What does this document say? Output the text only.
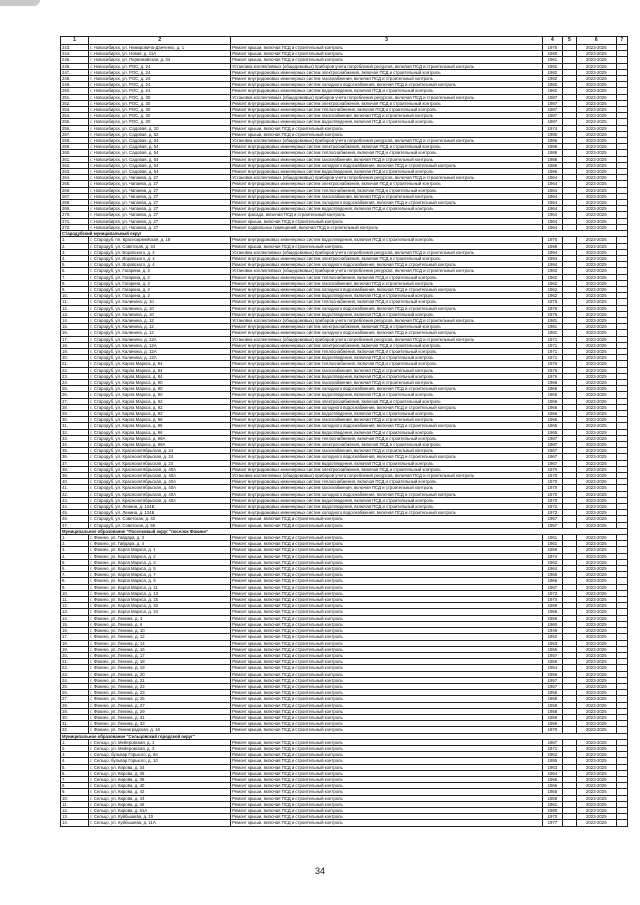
1	2	3	4	5	6	7
243.	г. Новосибирск, ул. Немировича-Данченко, д. 1	Ремонт крыши, включая ПСД и строительный контроль	1976		2023-2025	
244.	г. Новосибирск, ул. Новая, д. 11А	Ремонт крыши, включая ПСД и строительный контроль	1980		2023-2025	
245.	г. Новосибирск, ул. Первомайская, д. 34	Ремонт крыши, включая ПСД и строительный контроль	1961		2023-2025	
246.	г. Новосибирск, ул. РОС, д. 24	Установка коллективных (общедомовых) приборов учета потребления ресурсов, включая ПСД и строительный контроль	1982		2023-2025	
247.	г. Новосибирск, ул. РОС, д. 24	Ремонт внутридомовых инженерных систем электроснабжения, включая ПСД и строительный контроль	1982		2023-2025	
248.	г. Новосибирск, ул. РОС, д. 24	Ремонт внутридомовых инженерных систем газоснабжения, включая ПСД и строительный контроль	1982		2023-2025	
249.	г. Новосибирск, ул. РОС, д. 24	Ремонт внутридомовых инженерных систем холодного водоснабжения, включая ПСД и строительный контроль	1982		2023-2025	
250.	г. Новосибирск, ул. РОС, д. 24	Ремонт внутридомовых инженерных систем водоотведения, включая ПСД и строительный контроль	1982		2023-2025	
251.	г. Новосибирск, ул. РОС, д. 30	Установка коллективных (общедомовых) приборов учета потребления ресурсов, включая ПСД и строительный контроль	1987		2023-2025	
252.	г. Новосибирск, ул. РОС, д. 30	Ремонт внутридомовых инженерных систем электроснабжения, включая ПСД и строительный контроль	1987		2023-2025	
253.	г. Новосибирск, ул. РОС, д. 30	Ремонт внутридомовых инженерных систем теплоснабжения, включая ПСД и строительный контроль	1987		2023-2025	
254.	г. Новосибирск, ул. РОС, д. 30	Ремонт внутридомовых инженерных систем газоснабжения, включая ПСД и строительный контроль	1987		2023-2025	
255.	г. Новосибирск, ул. РОС, д. 30	Ремонт внутридомовых инженерных систем водоотведения, включая ПСД и строительный контроль	1987		2023-2025	
256.	г. Новосибирск, ул. Садовая, д. 10	Ремонт крыши, включая ПСД и строительный контроль	1974		2023-2025	
257.	г. Новосибирск, ул. Садовая, д. 52	Ремонт крыши, включая ПСД и строительный контроль	1980		2023-2025	
258.	г. Новосибирск, ул. Садовая, д. 54	Установка коллективных (общедомовых) приборов учета потребления ресурсов, включая ПСД и строительный контроль	1986		2023-2025	
259.	г. Новосибирск, ул. Садовая, д. 54	Ремонт внутридомовых инженерных систем электроснабжения, включая ПСД и строительный контроль	1986		2023-2025	
260.	г. Новосибирск, ул. Садовая, д. 54	Ремонт внутридомовых инженерных систем теплоснабжения, включая ПСД и строительный контроль	1986		2023-2025	
261.	г. Новосибирск, ул. Садовая, д. 54	Ремонт внутридомовых инженерных систем газоснабжения, включая ПСД и строительный контроль	1986		2023-2025	
262.	г. Новосибирск, ул. Садовая, д. 54	Ремонт внутридомовых инженерных систем холодного водоснабжения, включая ПСД и строительный контроль	1986		2023-2025	
263.	г. Новосибирск, ул. Садовая, д. 54	Ремонт внутридомовых инженерных систем водоотведения, включая ПСД и строительный контроль	1986		2023-2025	
264.	г. Новосибирск, ул. Чапаева, д. 27	Установка коллективных (общедомовых) приборов учета потребления ресурсов, включая ПСД и строительный контроль	1964		2023-2025	
265.	г. Новосибирск, ул. Чапаева, д. 27	Ремонт внутридомовых инженерных систем электроснабжения, включая ПСД и строительный контроль	1964		2023-2025	
266.	г. Новосибирск, ул. Чапаева, д. 27	Ремонт внутридомовых инженерных систем теплоснабжения, включая ПСД и строительный контроль	1964		2023-2025	
267.	г. Новосибирск, ул. Чапаева, д. 27	Ремонт внутридомовых инженерных систем газоснабжения, включая ПСД и строительный контроль	1964		2023-2025	
268.	г. Новосибирск, ул. Чапаева, д. 27	Ремонт внутридомовых инженерных систем холодного водоснабжения, включая ПСД и строительный контроль	1964		2023-2025	
269.	г. Новосибирск, ул. Чапаева, д. 27	Ремонт внутридомовых инженерных систем водоотведения, включая ПСД и строительный контроль	1964		2023-2025	
270.	г. Новосибирск, ул. Чапаева, д. 27	Ремонт фасада, включая ПСД и строительный контроль	1964		2023-2025	
271.	г. Новосибирск, ул. Чапаева, д. 27	Ремонт крыши, включая ПСД и строительный контроль	1964		2023-2025	
272.	г. Новосибирск, ул. Чапаева, д. 27	Ремонт подвальных помещений, включая ПСД и строительный контроль	1964		2023-2025	
Стародубский муниципальный округ						
1.	г. Стародуб, пл. Красноармейская, д. 18	Ремонт внутридомовых инженерных систем водоотведения, включая ПСД и строительный контроль	1970		2023-2025	
2.	г. Стародуб, ул. Советская, д. 44	Ремонт крыши, включая ПСД и строительный контроль	1958		2023-2025	
3.	г. Стародуб, ул. Воровского, д. 4	Установка коллективных (общедомовых) приборов учета потребления ресурсов, включая ПСД и строительный контроль	1994		2023-2025	
4.	г. Стародуб, ул. Воровского, д. 4	Ремонт внутридомовых инженерных систем электроснабжения, включая ПСД и строительный контроль	1994		2023-2025	
5.	г. Стародуб, ул. Воровского, д. 4	Ремонт внутридомовых инженерных систем холодного водоснабжения, включая ПСД и строительный контроль	1994		2023-2025	
6.	г. Стародуб, ул. Гагарина, д. 2	Установка коллективных (общедомовых) приборов учета потребления ресурсов, включая ПСД и строительный контроль	1962		2023-2025	
7.	г. Стародуб, ул. Гагарина, д. 2	Ремонт внутридомовых инженерных систем теплоснабжения, включая ПСД и строительный контроль	1962		2023-2025	
8.	г. Стародуб, ул. Гагарина, д. 2	Ремонт внутридомовых инженерных систем газоснабжения, включая ПСД и строительный контроль	1962		2023-2025	
9.	г. Стародуб, ул. Гагарина, д. 2	Ремонт внутридомовых инженерных систем холодного водоснабжения, включая ПСД и строительный контроль	1962		2023-2025	
10.	г. Стародуб, ул. Гагарина, д. 2	Ремонт внутридомовых инженерных систем водоотведения, включая ПСД и строительный контроль	1962		2023-2025	
11.	г. Стародуб, ул. Калинина, д. 10	Ремонт внутридомовых инженерных систем теплоснабжения, включая ПСД и строительный контроль	1975		2023-2025	
12.	г. Стародуб, ул. Калинина, д. 10	Ремонт внутридомовых инженерных систем холодного водоснабжения, включая ПСД и строительный контроль	1975		2023-2025	
13.	г. Стародуб, ул. Калинина, д. 10	Ремонт внутридомовых инженерных систем водоотведения, включая ПСД и строительный контроль	1975		2023-2025	
14.	г. Стародуб, ул. Калинина, д. 12	Установка коллективных (общедомовых) приборов учета потребления ресурсов, включая ПСД и строительный контроль	1981		2023-2025	
15.	г. Стародуб, ул. Калинина, д. 12	Ремонт внутридомовых инженерных систем электроснабжения, включая ПСД и строительный контроль	1981		2023-2025	
16.	г. Стародуб, ул. Калинина, д. 12	Ремонт внутридомовых инженерных систем холодного водоснабжения, включая ПСД и строительный контроль	1981		2023-2025	
17.	г. Стародуб, ул. Калинина, д. 12А	Установка коллективных (общедомовых) приборов учета потребления ресурсов, включая ПСД и строительный контроль	1971		2023-2025	
18.	г. Стародуб, ул. Калинина, д. 12А	Ремонт внутридомовых инженерных систем электроснабжения, включая ПСД и строительный контроль	1971		2023-2025	
19.	г. Стародуб, ул. Калинина, д. 12А	Ремонт внутридомовых инженерных систем теплоснабжения, включая ПСД и строительный контроль	1971		2023-2025	
20.	г. Стародуб, ул. Калинина, д. 12А	Ремонт внутридомовых инженерных систем водоотведения, включая ПСД и строительный контроль	1971		2023-2025	
21.	г. Стародуб, ул. Карла Маркса, д. 84	Ремонт внутридомовых инженерных систем теплоснабжения, включая ПСД и строительный контроль	1976		2023-2025	
22.	г. Стародуб, ул. Карла Маркса, д. 84	Ремонт внутридомовых инженерных систем газоснабжения, включая ПСД и строительный контроль	1976		2023-2025	
23.	г. Стародуб, ул. Карла Маркса, д. 84	Ремонт внутридомовых инженерных систем водоотведения, включая ПСД и строительный контроль	1976		2023-2025	
24.	г. Стародуб, ул. Карла Маркса, д. 90	Ремонт внутридомовых инженерных систем газоснабжения, включая ПСД и строительный контроль	1968		2023-2025	
25.	г. Стародуб, ул. Карла Маркса, д. 90	Ремонт внутридомовых инженерных систем холодного водоснабжения, включая ПСД и строительный контроль	1968		2023-2025	
26.	г. Стародуб, ул. Карла Маркса, д. 90	Ремонт внутридомовых инженерных систем водоотведения, включая ПСД и строительный контроль	1968		2023-2025	
27.	г. Стародуб, ул. Карла Маркса, д. 92	Ремонт внутридомовых инженерных систем электроснабжения, включая ПСД и строительный контроль	1966		2023-2025	
28.	г. Стародуб, ул. Карла Маркса, д. 92	Ремонт внутридомовых инженерных систем холодного водоснабжения, включая ПСД и строительный контроль	1966		2023-2025	
29.	г. Стародуб, ул. Карла Маркса, д. 92	Ремонт внутридомовых инженерных систем водоотведения, включая ПСД и строительный контроль	1966		2023-2025	
30.	г. Стародуб, ул. Карла Маркса, д. 96	Ремонт внутридомовых инженерных систем газоснабжения, включая ПСД и строительный контроль	1965		2023-2025	
31.	г. Стародуб, ул. Карла Маркса, д. 96	Ремонт внутридомовых инженерных систем холодного водоснабжения, включая ПСД и строительный контроль	1965		2023-2025	
32.	г. Стародуб, ул. Карла Маркса, д. 96	Ремонт внутридомовых инженерных систем водоотведения, включая ПСД и строительный контроль	1965		2023-2025	
33.	г. Стародуб, ул. Карла Маркса, д. 98А	Ремонт внутридомовых инженерных систем теплоснабжения, включая ПСД и строительный контроль	1987		2023-2025	
34.	г. Стародуб, ул. Карла Маркса, д. 98А	Ремонт внутридомовых инженерных систем электроснабжения, включая ПСД и строительный контроль	1987		2023-2025	
35.	г. Стародуб, ул. Краснооктябрьская, д. 24	Ремонт внутридомовых инженерных систем газоснабжения, включая ПСД и строительный контроль	1967		2023-2025	
36.	г. Стародуб, ул. Краснооктябрьская, д. 24	Ремонт внутридомовых инженерных систем холодного водоснабжения, включая ПСД и строительный контроль	1967		2023-2025	
37.	г. Стародуб, ул. Краснооктябрьская, д. 24	Ремонт внутридомовых инженерных систем водоотведения, включая ПСД и строительный контроль	1967		2023-2025	
38.	г. Стародуб, ул. Краснооктябрьская, д. 40А	Ремонт внутридомовых инженерных систем электроснабжения, включая ПСД и строительный контроль	1970		2023-2025	
39.	г. Стародуб, ул. Краснооктябрьская, д. 40А	Установка коллективных (общедомовых) приборов учета потребления ресурсов, включая ПСД и строительный контроль	1970		2023-2025	
40.	г. Стародуб, ул. Краснооктябрьская, д. 40А	Ремонт внутридомовых инженерных систем теплоснабжения, включая ПСД и строительный контроль	1970		2023-2025	
41.	г. Стародуб, ул. Краснооктябрьская, д. 40А	Ремонт внутридомовых инженерных систем газоснабжения, включая ПСД и строительный контроль	1970		2023-2025	
42.	г. Стародуб, ул. Краснооктябрьская, д. 40А	Ремонт внутридомовых инженерных систем холодного водоснабжения, включая ПСД и строительный контроль	1970		2023-2025	
43.	г. Стародуб, ул. Краснооктябрьская, д. 40А	Ремонт внутридомовых инженерных систем водоотведения, включая ПСД и строительный контроль	1970		2023-2025	
44.	г. Стародуб, ул. Ленина, д. 124Б	Ремонт внутридомовых инженерных систем водоотведения, включая ПСД и строительный контроль	1972		2023-2025	
45.	г. Стародуб, ул. Ленина, д. 124Б	Ремонт внутридомовых инженерных систем холодного водоснабжения, включая ПСД и строительный контроль	1972		2023-2025	
46.	г. Стародуб, ул. Советская, д. 42	Ремонт крыши, включая ПСД и строительный контроль	1957		2023-2025	
47.	г. Стародуб, ул. Советская, д. 56	Ремонт крыши, включая ПСД и строительный контроль	1957		2023-2025	
Муниципальное образование "Поселковый округ "поселок Фокино"						
1.	г. Фокино, ул. Гайдара, д. 3	Ремонт крыши, включая ПСД и строительный контроль	1961		2023-2025	
2.	г. Фокино, ул. Гайдара, д. 4	Ремонт крыши, включая ПСД и строительный контроль	1961		2023-2025	
3.	г. Фокино, ул. Карла Маркса, д. 1	Ремонт крыши, включая ПСД и строительный контроль	1959		2023-2025	
4.	г. Фокино, ул. Карла Маркса, д. 2	Ремонт крыши, включая ПСД и строительный контроль	1974		2023-2025	
5.	г. Фокино, ул. Карла Маркса, д. 3	Ремонт крыши, включая ПСД и строительный контроль	1962		2023-2025	
6.	г. Фокино, ул. Карла Маркса, д. 5	Ремонт крыши, включая ПСД и строительный контроль	1964		2023-2025	
7.	г. Фокино, ул. Карла Маркса, д. 7	Ремонт крыши, включая ПСД и строительный контроль	1965		2023-2025	
8.	г. Фокино, ул. Карла Маркса, д. 9	Ремонт крыши, включая ПСД и строительный контроль	1966		2023-2025	
9.	г. Фокино, ул. Карла Маркса, д. 11	Ремонт крыши, включая ПСД и строительный контроль	1967		2023-2025	
10.	г. Фокино, ул. Карла Маркса, д. 13	Ремонт крыши, включая ПСД и строительный контроль	1973		2023-2025	
11.	г. Фокино, ул. Карла Маркса, д. 15	Ремонт крыши, включая ПСД и строительный контроль	1974		2023-2025	
12.	г. Фокино, ул. Карла Маркса, д. 32	Ремонт крыши, включая ПСД и строительный контроль	1969		2023-2025	
13.	г. Фокино, ул. Карла Маркса, д. 34	Ремонт крыши, включая ПСД и строительный контроль	1969		2023-2025	
14.	г. Фокино, ул. Ленина, д. 4	Ремонт крыши, включая ПСД и строительный контроль	1959		2023-2025	
15.	г. Фокино, ул. Ленина, д. 6	Ремонт крыши, включая ПСД и строительный контроль	1960		2023-2025	
16.	г. Фокино, ул. Ленина, д. 10	Ремонт крыши, включая ПСД и строительный контроль	1949		2023-2025	
17.	г. Фокино, ул. Ленина, д. 12	Ремонт крыши, включая ПСД и строительный контроль	1952		2023-2025	
18.	г. Фокино, ул. Ленина, д. 14	Ремонт крыши, включая ПСД и строительный контроль	1953		2023-2025	
19.	г. Фокино, ул. Ленина, д. 16	Ремонт крыши, включая ПСД и строительный контроль	1955		2023-2025	
20.	г. Фокино, ул. Ленина, д. 17	Ремонт крыши, включая ПСД и строительный контроль	1957		2023-2025	
21.	г. Фокино, ул. Ленина, д. 18	Ремонт крыши, включая ПСД и строительный контроль	1955		2023-2025	
22.	г. Фокино, ул. Ленина, д. 19	Ремонт крыши, включая ПСД и строительный контроль	1954		2023-2025	
23.	г. Фокино, ул. Ленина, д. 20	Ремонт крыши, включая ПСД и строительный контроль	1956		2023-2025	
24.	г. Фокино, ул. Ленина, д. 21	Ремонт крыши, включая ПСД и строительный контроль	1957		2023-2025	
25.	г. Фокино, ул. Ленина, д. 22	Ремонт крыши, включая ПСД и строительный контроль	1957		2023-2025	
26.	г. Фокино, ул. Ленина, д. 23	Ремонт крыши, включая ПСД и строительный контроль	1958		2023-2025	
27.	г. Фокино, ул. Ленина, д. 25	Ремонт крыши, включая ПСД и строительный контроль	1958		2023-2025	
28.	г. Фокино, ул. Ленина, д. 27	Ремонт крыши, включая ПСД и строительный контроль	1958		2023-2025	
29.	г. Фокино, ул. Ленина, д. 29	Ремонт крыши, включая ПСД и строительный контроль	1958		2023-2025	
30.	г. Фокино, ул. Ленина, д. 31	Ремонт крыши, включая ПСД и строительный контроль	1959		2023-2025	
31.	г. Фокино, ул. Ленина, д. 33	Ремонт крыши, включая ПСД и строительный контроль	1959		2023-2025	
32.	г. Фокино, ул. Ленинградская, д. 18	Ремонт крыши, включая ПСД и строительный контроль	1970		2023-2025	
Муниципальное образование "Сельцовский городской округ"						
1.	г. Сельцо, ул. Мейеровская, д. 1	Ремонт крыши, включая ПСД и строительный контроль	1967		2023-2025	
2.	г. Сельцо, ул. Мейеровская, д. 3	Ремонт крыши, включая ПСД и строительный контроль	1971		2023-2025	
3.	г. Сельцо, бульвар Горького, д. 9А	Ремонт крыши, включая ПСД и строительный контроль	1962		2023-2025	
4.	г. Сельцо, бульвар Горького, д. 10	Ремонт крыши, включая ПСД и строительный контроль	1955		2023-2025	
5.	г. Сельцо, ул. Кирова, д. 34	Ремонт крыши, включая ПСД и строительный контроль	1963		2023-2025	
6.	г. Сельцо, ул. Кирова, д. 36	Ремонт крыши, включая ПСД и строительный контроль	1964		2023-2025	
7.	г. Сельцо, ул. Кирова, д. 38	Ремонт крыши, включая ПСД и строительный контроль	1965		2023-2025	
8.	г. Сельцо, ул. Кирова, д. 40	Ремонт крыши, включая ПСД и строительный контроль	1966		2023-2025	
9.	г. Сельцо, ул. Кирова, д. 42	Ремонт крыши, включая ПСД и строительный контроль	1955		2023-2025	
10.	г. Сельцо, ул. Кирова, д. 44	Ремонт крыши, включая ПСД и строительный контроль	1958		2023-2025	
11.	г. Сельцо, ул. Кирова, д. 46	Ремонт крыши, включая ПСД и строительный контроль	1961		2023-2025	
12.	г. Сельцо, ул. Кирова, д. 61А	Ремонт крыши, включая ПСД и строительный контроль	1980		2023-2025	
13.	г. Сельцо, ул. Куйбышева, д. 10	Ремонт крыши, включая ПСД и строительный контроль	1970		2023-2025	
14.	г. Сельцо, ул. Куйбышева, д. 11А	Ремонт крыши, включая ПСД и строительный контроль	1977		2023-2025	
34
